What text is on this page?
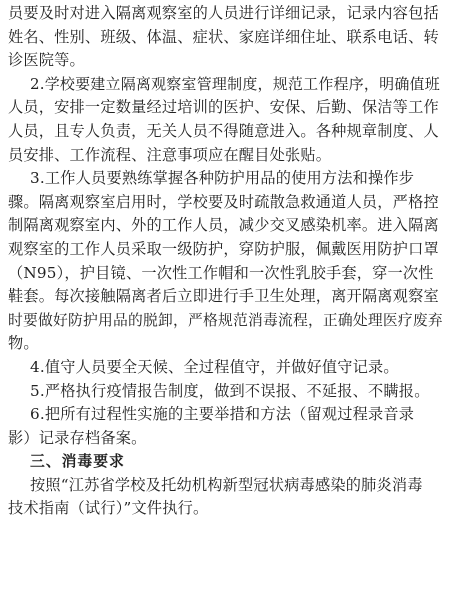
员要及时对进入隔离观察室的人员进行详细记录，记录内容包括
姓名、性别、班级、体温、症状、家庭详细住址、联系电话、转
诊医院等。
2.学校要建立隔离观察室管理制度，规范工作程序，明确值班
人员，安排一定数量经过培训的医护、安保、后勤、保洁等工作
人员，且专人负责，无关人员不得随意进入。各种规章制度、人
员安排、工作流程、注意事项应在醒目处张贴。
3.工作人员要熟练掌握各种防护用品的使用方法和操作步
骤。隔离观察室启用时，学校要及时疏散急救通道人员，严格控
制隔离观察室内、外的工作人员，减少交叉感染机率。进入隔离
观察室的工作人员采取一级防护，穿防护服，佩戴医用防护口罩
（N95），护目镜、一次性工作帽和一次性乳胶手套，穿一次性
鞋套。每次接触隔离者后立即进行手卫生处理，离开隔离观察室
时要做好防护用品的脱卸，严格规范消毒流程，正确处理医疗废弃
物。
4.值守人员要全天候、全过程值守，并做好值守记录。
5.严格执行疫情报告制度，做到不误报、不延报、不瞒报。
6.把所有过程性实施的主要举措和方法（留观过程录音录
影）记录存档备案。
三、消毒要求
按照“江苏省学校及托幼机构新型冠状病毒感染的肺炎消毒
技术指南（试行）”文件执行。
